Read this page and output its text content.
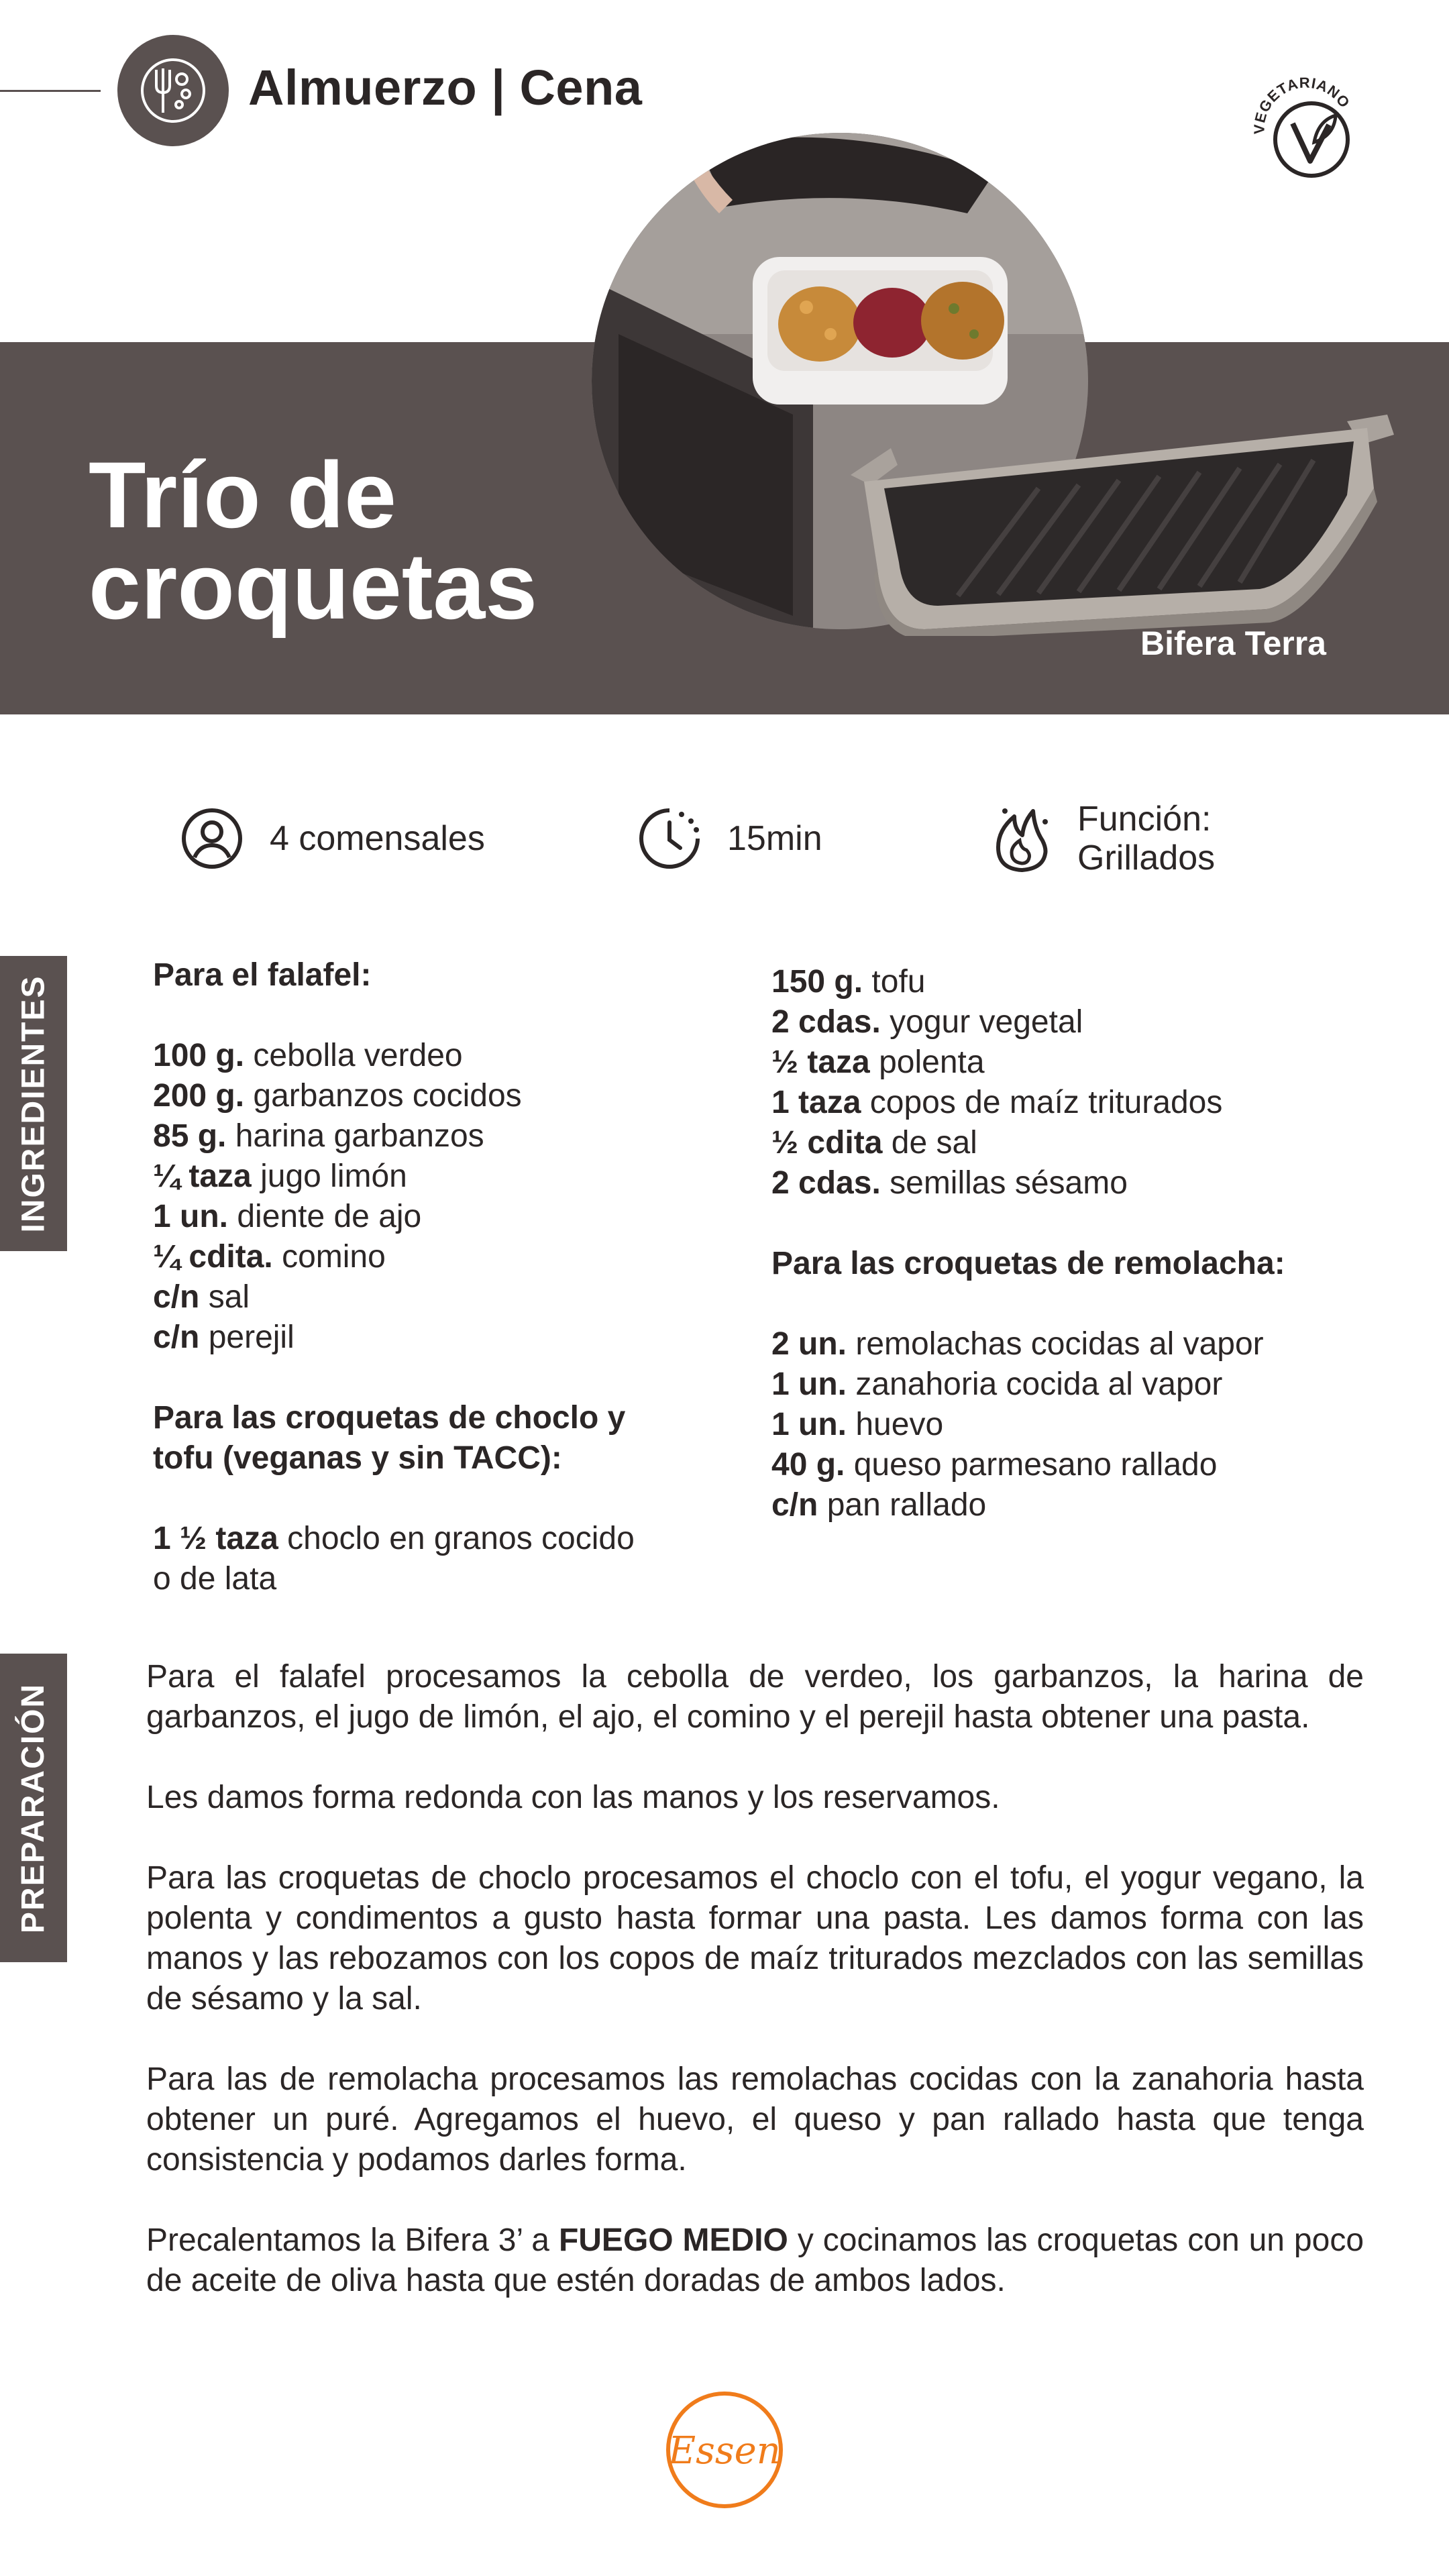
Almuerzo | Cena
VEGETARIANO
Trío de
croquetas
Bifera Terra
4 comensales	15min	Función:
Grillados
INGREDIENTES
PREPARACIÓN
Para el falafel:
100 g. cebolla verdeo
200 g. garbanzos cocidos
85 g. harina garbanzos
¼ taza jugo limón
1 un. diente de ajo
¼ cdita. comino
c/n sal
c/n perejil
Para las croquetas de choclo y
tofu (veganas y sin TACC):
1 ½ taza choclo en granos cocido
o de lata
150 g. tofu
2 cdas. yogur vegetal
½ taza polenta
1 taza copos de maíz triturados
½ cdita de sal
2 cdas. semillas sésamo
Para las croquetas de remolacha:
2 un. remolachas cocidas al vapor
1 un. zanahoria cocida al vapor
1 un. huevo
40 g. queso parmesano rallado
c/n pan rallado

Para el falafel procesamos la cebolla de verdeo, los garbanzos, la harina de garbanzos, el jugo de limón, el ajo, el comino y el perejil hasta obtener una pasta.

Les damos forma redonda con las manos y los reservamos.

Para las croquetas de choclo procesamos el choclo con el tofu, el yogur vegano, la polenta y condimentos a gusto hasta formar una pasta. Les damos forma con las manos y las rebozamos con los copos de maíz triturados mezclados con las semillas de sésamo y la sal.

Para las de remolacha procesamos las remolachas cocidas con la zanahoria hasta obtener un puré. Agregamos el huevo, el queso y pan rallado hasta que tenga consistencia y podamos darles forma.

Precalentamos la Bifera 3’ a FUEGO MEDIO y cocinamos las croquetas con un poco de aceite de oliva hasta que estén doradas de ambos lados.

Essen
